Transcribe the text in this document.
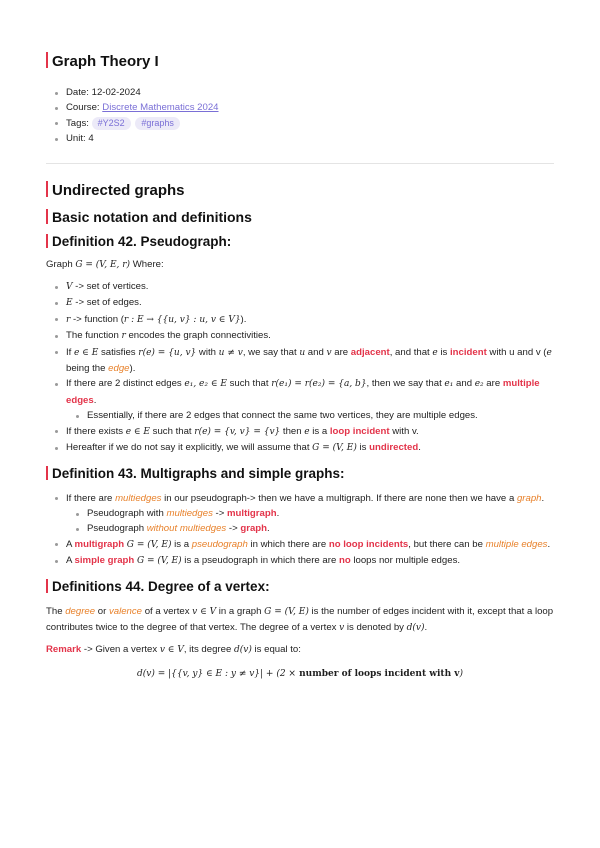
Graph Theory I
Date: 12-02-2024
Course: Discrete Mathematics 2024
Tags: #Y2S2 #graphs
Unit: 4
Undirected graphs
Basic notation and definitions
Definition 42. Pseudograph:

Graph G = (V, E, r) Where:

V -> set of vertices.
E -> set of edges.
r -> function (r : E → {{u, v} : u, v ∈ V}).
The function r encodes the graph connectivities.
If e ∈ E satisfies r(e) = {u, v} with u ≠ v, we say that u and v are adjacent, and that e is incident with u and v (e being the edge).
If there are 2 distinct edges e₁, e₂ ∈ E such that r(e₁) = r(e₂) = {a, b}, then we say that e₁ and e₂ are multiple edges.
Essentially, if there are 2 edges that connect the same two vertices, they are multiple edges.
If there exists e ∈ E such that r(e) = {v, v} = {v} then e is a loop incident with v.
Hereafter if we do not say it explicitly, we will assume that G = (V, E) is undirected.
Definition 43. Multigraphs and simple graphs:
If there are multiedges in our pseudograph-> then we have a multigraph. If there are none then we have a graph.
Pseudograph with multiedges -> multigraph.
Pseudograph without multiedges -> graph.
A multigraph G = (V, E) is a pseudograph in which there are no loop incidents, but there can be multiple edges.
A simple graph G = (V, E) is a pseudograph in which there are no loops nor multiple edges.
Definitions 44. Degree of a vertex:

The degree or valence of a vertex v ∈ V in a graph G = (V, E) is the number of edges incident with it, except that a loop contributes twice to the degree of that vertex. The degree of a vertex v is denoted by d(v).

Remark -> Given a vertex v ∈ V, its degree d(v) is equal to:

d(v) = |{{v, y} ∈ E : y ≠ v}| + (2 × number of loops incident with v)
